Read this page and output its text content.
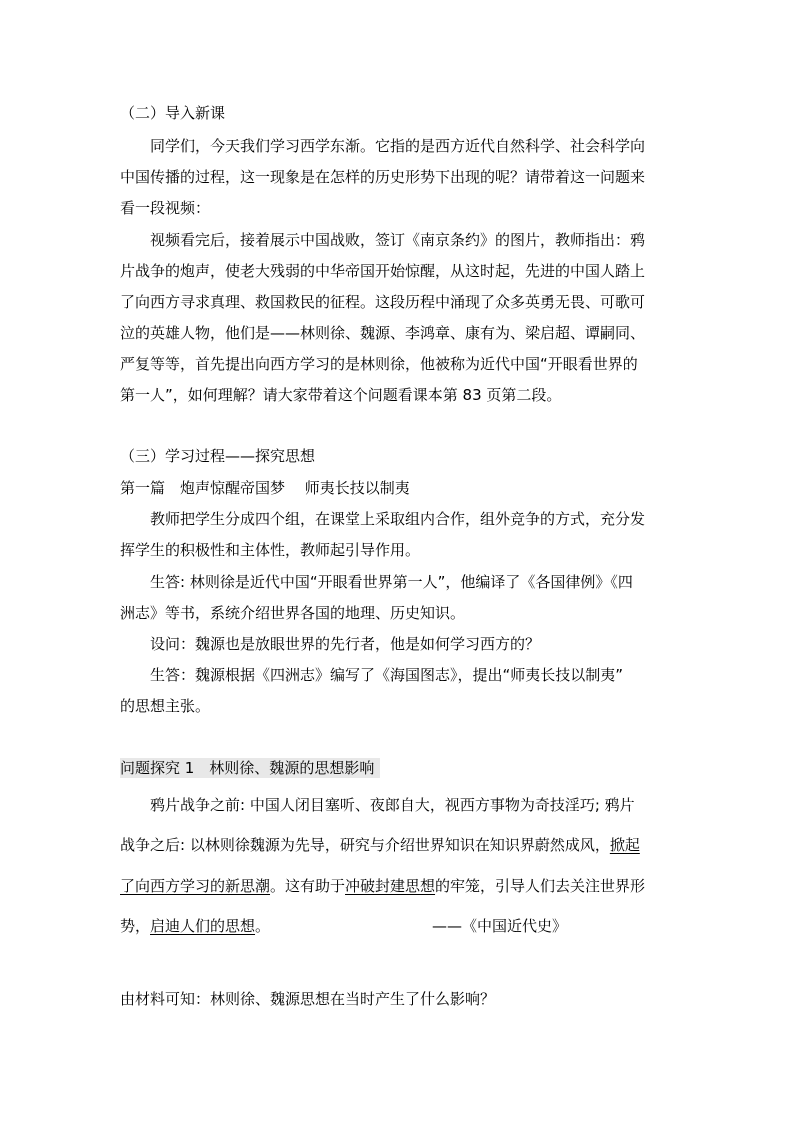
（二）导入新课
同学们，今天我们学习西学东渐。它指的是西方近代自然科学、社会科学向
中国传播的过程，这一现象是在怎样的历史形势下出现的呢？请带着这一问题来
看一段视频：
视频看完后，接着展示中国战败，签订《南京条约》的图片，教师指出：鸦
片战争的炮声，使老大残弱的中华帝国开始惊醒，从这时起，先进的中国人踏上
了向西方寻求真理、救国救民的征程。这段历程中涌现了众多英勇无畏、可歌可
泣的英雄人物，他们是——林则徐、魏源、李鸿章、康有为、梁启超、谭嗣同、
严复等等，首先提出向西方学习的是林则徐，他被称为近代中国“开眼看世界的
第一人”，如何理解？请大家带着这个问题看课本第 83 页第二段。
（三）学习过程——探究思想
第一篇　炮声惊醒帝国梦　 师夷长技以制夷
教师把学生分成四个组，在课堂上采取组内合作，组外竞争的方式，充分发
挥学生的积极性和主体性，教师起引导作用。
生答: 林则徐是近代中国“开眼看世界第一人”，他编译了《各国律例》《四
洲志》等书，系统介绍世界各国的地理、历史知识。
设问：魏源也是放眼世界的先行者，他是如何学习西方的？
生答：魏源根据《四洲志》编写了《海国图志》，提出“师夷长技以制夷”
的思想主张。
问题探究 1　林则徐、魏源的思想影响
鸦片战争之前: 中国人闭目塞听、夜郎自大，视西方事物为奇技淫巧; 鸦片
战争之后: 以林则徐魏源为先导，研究与介绍世界知识在知识界蔚然成风，掀起
了向西方学习的新思潮。这有助于冲破封建思想的牢笼，引导人们去关注世界形
势，启迪人们的思想。	——《中国近代史》
由材料可知：林则徐、魏源思想在当时产生了什么影响？
